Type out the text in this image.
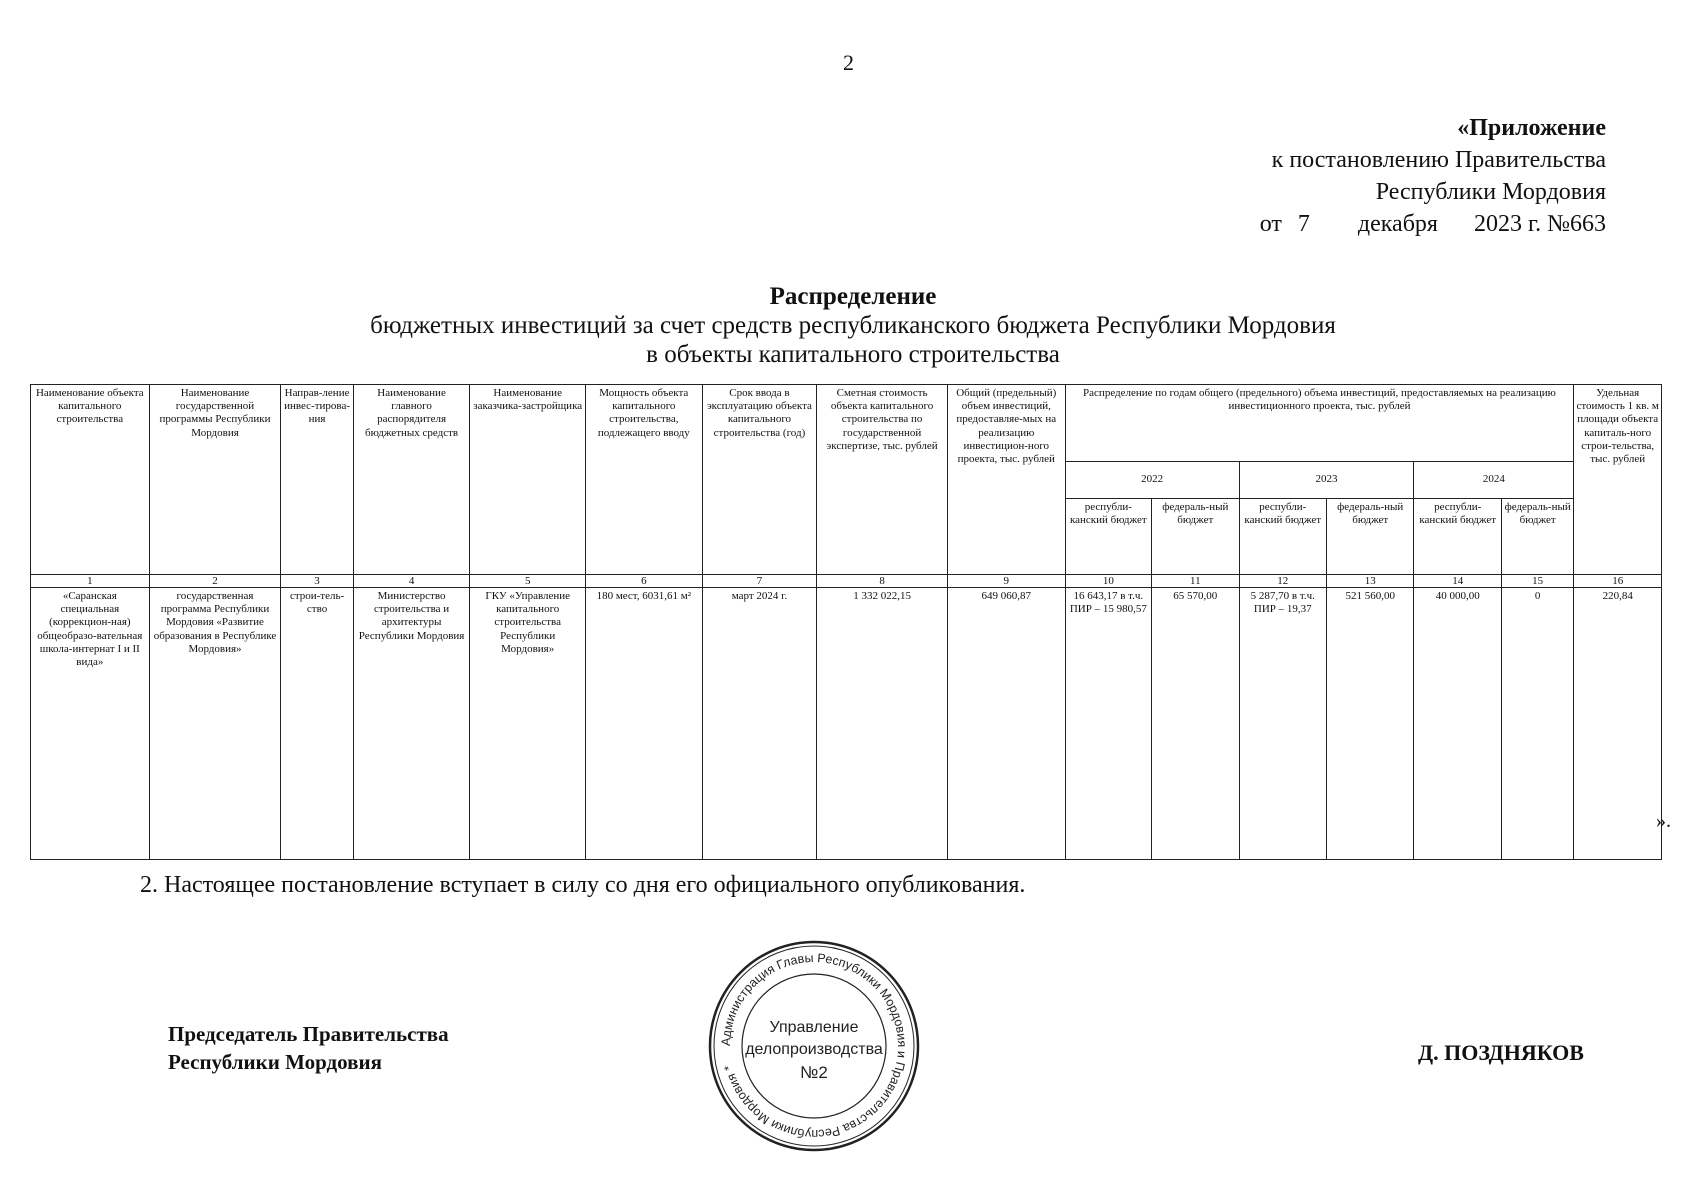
2
«Приложение
к постановлению Правительства
Республики Мордовия
от 7 декабря 2023 г. №663
Распределение
бюджетных инвестиций за счет средств республиканского бюджета Республики Мордовия
в объекты капитального строительства
Наименование объекта капитального строительства	Наименование государственной программы Республики Мордовия	Направ-ление инвес-тирова-ния	Наименование главного распорядителя бюджетных средств	Наименование заказчика-застройщика	Мощность объекта капитального строительства, подлежащего вводу	Срок ввода в эксплуатацию объекта капитального строительства (год)	Сметная стоимость объекта капитального строительства по государственной экспертизе, тыс. рублей	Общий (предельный) объем инвестиций, предоставляе-мых на реализацию инвестицион-ного проекта, тыс. рублей	Распределение по годам общего (предельного) объема инвестиций, предоставляемых на реализацию инвестиционного проекта, тыс. рублей						Удельная стоимость 1 кв. м площади объекта капиталь-ного строи-тельства, тыс. рублей
									2022		2023		2024		
									республи-канский бюджет	федераль-ный бюджет	республи-канский бюджет	федераль-ный бюджет	республи-канский бюджет	федераль-ный бюджет	
1	2	3	4	5	6	7	8	9	10	11	12	13	14	15	16
«Саранская специальная (коррекцион-ная) общеобразо-вательная школа-интернат I и II вида»	государственная программа Республики Мордовия «Развитие образования в Республике Мордовия»	строи-тель-ство	Министерство строительства и архитектуры Республики Мордовия	ГКУ «Управление капитального строительства Республики Мордовия»	180 мест, 6031,61 м²	март 2024 г.	1 332 022,15	649 060,87	16 643,17 в т.ч. ПИР – 15 980,57	65 570,00	5 287,70 в т.ч. ПИР – 19,37	521 560,00	40 000,00	0	220,84
».
2. Настоящее постановление вступает в силу со дня его официального опубликования.
Председатель Правительства
Республики Мордовия	Д. ПОЗДНЯКОВ
Администрация Главы Республики Мордовия и Правительства Республики Мордовия *
Управление
делопроизводства
№2
